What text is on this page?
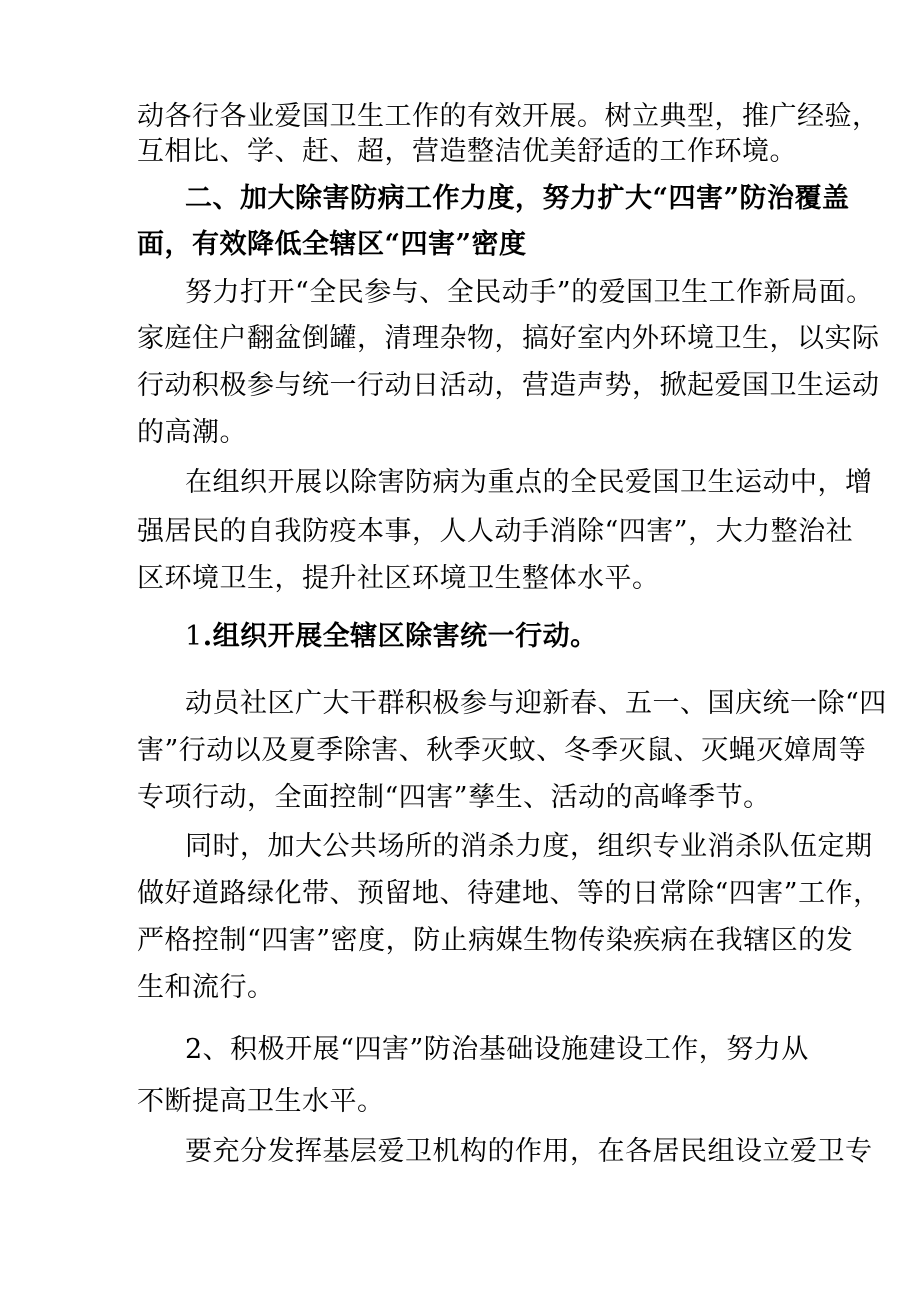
动各行各业爱国卫生工作的有效开展。树立典型，推广经验，
互相比、学、赶、超，营造整洁优美舒适的工作环境。
二、加大除害防病工作力度，努力扩大“四害”防治覆盖
面，有效降低全辖区“四害”密度
努力打开“全民参与、全民动手”的爱国卫生工作新局面。
家庭住户翻盆倒罐，清理杂物，搞好室内外环境卫生，以实际
行动积极参与统一行动日活动，营造声势，掀起爱国卫生运动
的高潮。
在组织开展以除害防病为重点的全民爱国卫生运动中，增
强居民的自我防疫本事，人人动手消除“四害”，大力整治社
区环境卫生，提升社区环境卫生整体水平。
1.组织开展全辖区除害统一行动。
动员社区广大干群积极参与迎新春、五一、国庆统一除“四
害”行动以及夏季除害、秋季灭蚊、冬季灭鼠、灭蝇灭嫜周等
专项行动，全面控制“四害”孳生、活动的高峰季节。
同时，加大公共场所的消杀力度，组织专业消杀队伍定期
做好道路绿化带、预留地、待建地、等的日常除“四害”工作，
严格控制“四害”密度，防止病媒生物传染疾病在我辖区的发
生和流行。
2、积极开展“四害”防治基础设施建设工作，努力从
不断提高卫生水平。
要充分发挥基层爱卫机构的作用，在各居民组设立爱卫专
